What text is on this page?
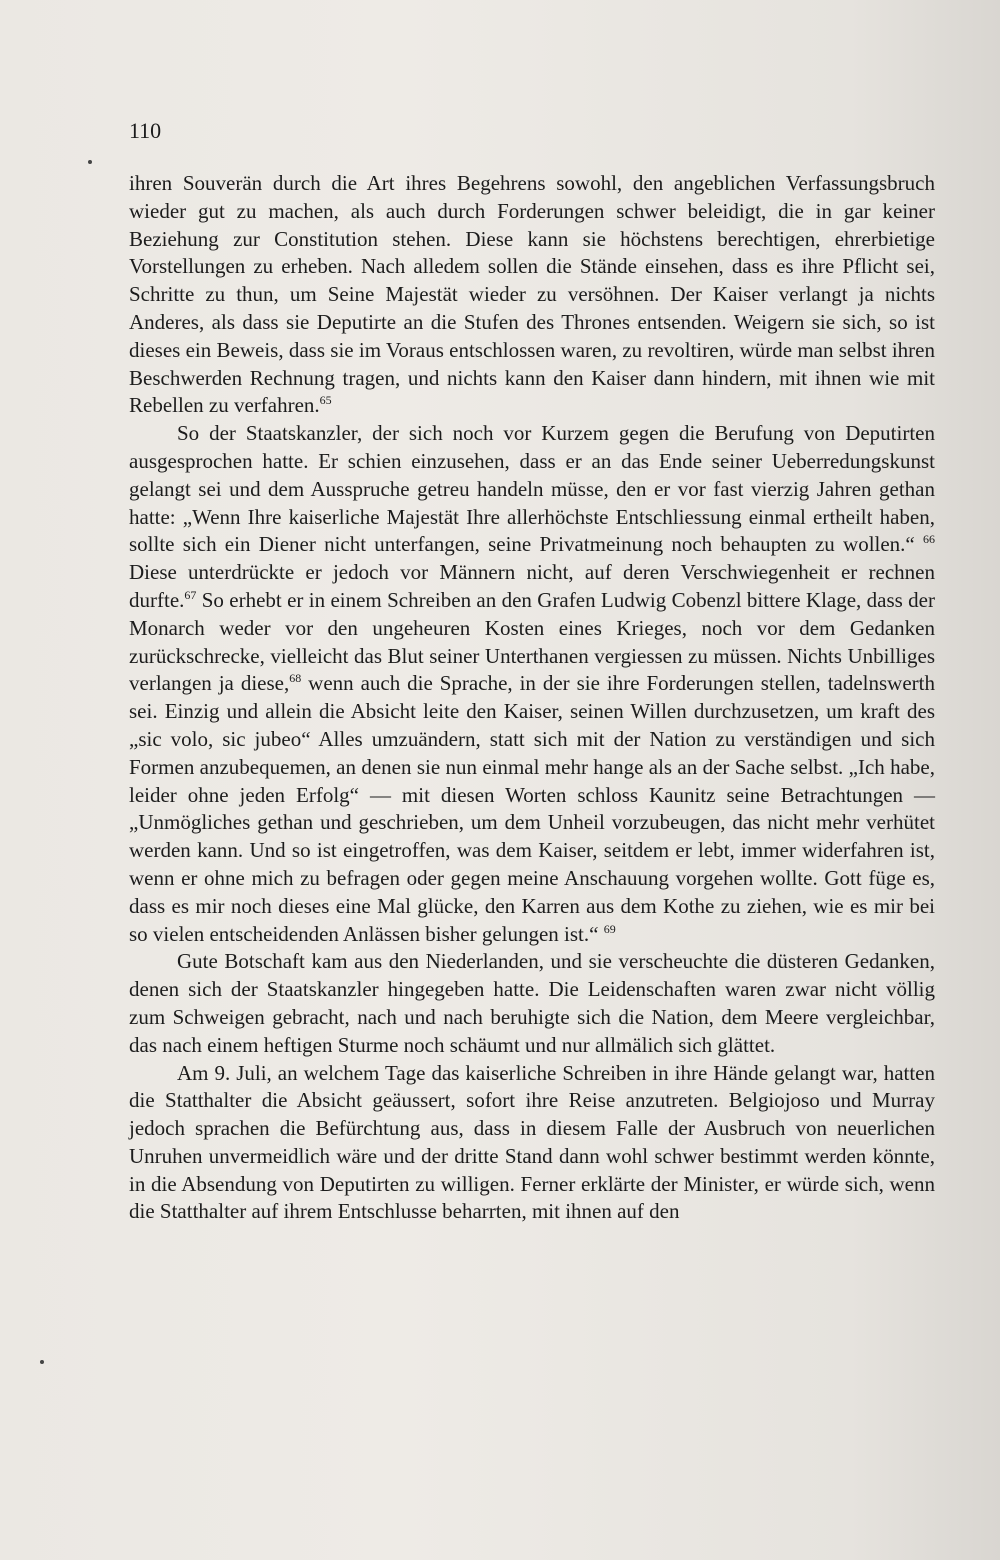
110

ihren Souverän durch die Art ihres Begehrens sowohl, den angeblichen Verfassungsbruch wieder gut zu machen, als auch durch Forderungen schwer beleidigt, die in gar keiner Beziehung zur Constitution stehen. Diese kann sie höchstens berechtigen, ehrerbietige Vorstellungen zu erheben. Nach alledem sollen die Stände einsehen, dass es ihre Pflicht sei, Schritte zu thun, um Seine Majestät wieder zu versöhnen. Der Kaiser verlangt ja nichts Anderes, als dass sie Deputirte an die Stufen des Thrones entsenden. Weigern sie sich, so ist dieses ein Beweis, dass sie im Voraus entschlossen waren, zu revoltiren, würde man selbst ihren Beschwerden Rechnung tragen, und nichts kann den Kaiser dann hindern, mit ihnen wie mit Rebellen zu verfahren.$^{65}$

So der Staatskanzler, der sich noch vor Kurzem gegen die Berufung von Deputirten ausgesprochen hatte. Er schien einzusehen, dass er an das Ende seiner Ueberredungskunst gelangt sei und dem Ausspruche getreu handeln müsse, den er vor fast vierzig Jahren gethan hatte: „Wenn Ihre kaiserliche Majestät Ihre allerhöchste Entschliessung einmal ertheilt haben, sollte sich ein Diener nicht unterfangen, seine Privatmeinung noch behaupten zu wollen.“ $^{66}$ Diese unterdrückte er jedoch vor Männern nicht, auf deren Verschwiegenheit er rechnen durfte.$^{67}$ So erhebt er in einem Schreiben an den Grafen Ludwig Cobenzl bittere Klage, dass der Monarch weder vor den ungeheuren Kosten eines Krieges, noch vor dem Gedanken zurückschrecke, vielleicht das Blut seiner Unterthanen vergiessen zu müssen. Nichts Unbilliges verlangen ja diese,$^{68}$ wenn auch die Sprache, in der sie ihre Forderungen stellen, tadelnswerth sei. Einzig und allein die Absicht leite den Kaiser, seinen Willen durchzusetzen, um kraft des „sic volo, sic jubeo“ Alles umzuändern, statt sich mit der Nation zu verständigen und sich Formen anzubequemen, an denen sie nun einmal mehr hange als an der Sache selbst. „Ich habe, leider ohne jeden Erfolg“ — mit diesen Worten schloss Kaunitz seine Betrachtungen — „Unmögliches gethan und geschrieben, um dem Unheil vorzubeugen, das nicht mehr verhütet werden kann. Und so ist eingetroffen, was dem Kaiser, seitdem er lebt, immer widerfahren ist, wenn er ohne mich zu befragen oder gegen meine Anschauung vorgehen wollte. Gott füge es, dass es mir noch dieses eine Mal glücke, den Karren aus dem Kothe zu ziehen, wie es mir bei so vielen entscheidenden Anlässen bisher gelungen ist.“ $^{69}$

Gute Botschaft kam aus den Niederlanden, und sie verscheuchte die düsteren Gedanken, denen sich der Staatskanzler hingegeben hatte. Die Leidenschaften waren zwar nicht völlig zum Schweigen gebracht, nach und nach beruhigte sich die Nation, dem Meere vergleichbar, das nach einem heftigen Sturme noch schäumt und nur allmälich sich glättet.

Am 9. Juli, an welchem Tage das kaiserliche Schreiben in ihre Hände gelangt war, hatten die Statthalter die Absicht geäussert, sofort ihre Reise anzutreten. Belgiojoso und Murray jedoch sprachen die Befürchtung aus, dass in diesem Falle der Ausbruch von neuerlichen Unruhen unvermeidlich wäre und der dritte Stand dann wohl schwer bestimmt werden könnte, in die Absendung von Deputirten zu willigen. Ferner erklärte der Minister, er würde sich, wenn die Statthalter auf ihrem Entschlusse beharrten, mit ihnen auf den
